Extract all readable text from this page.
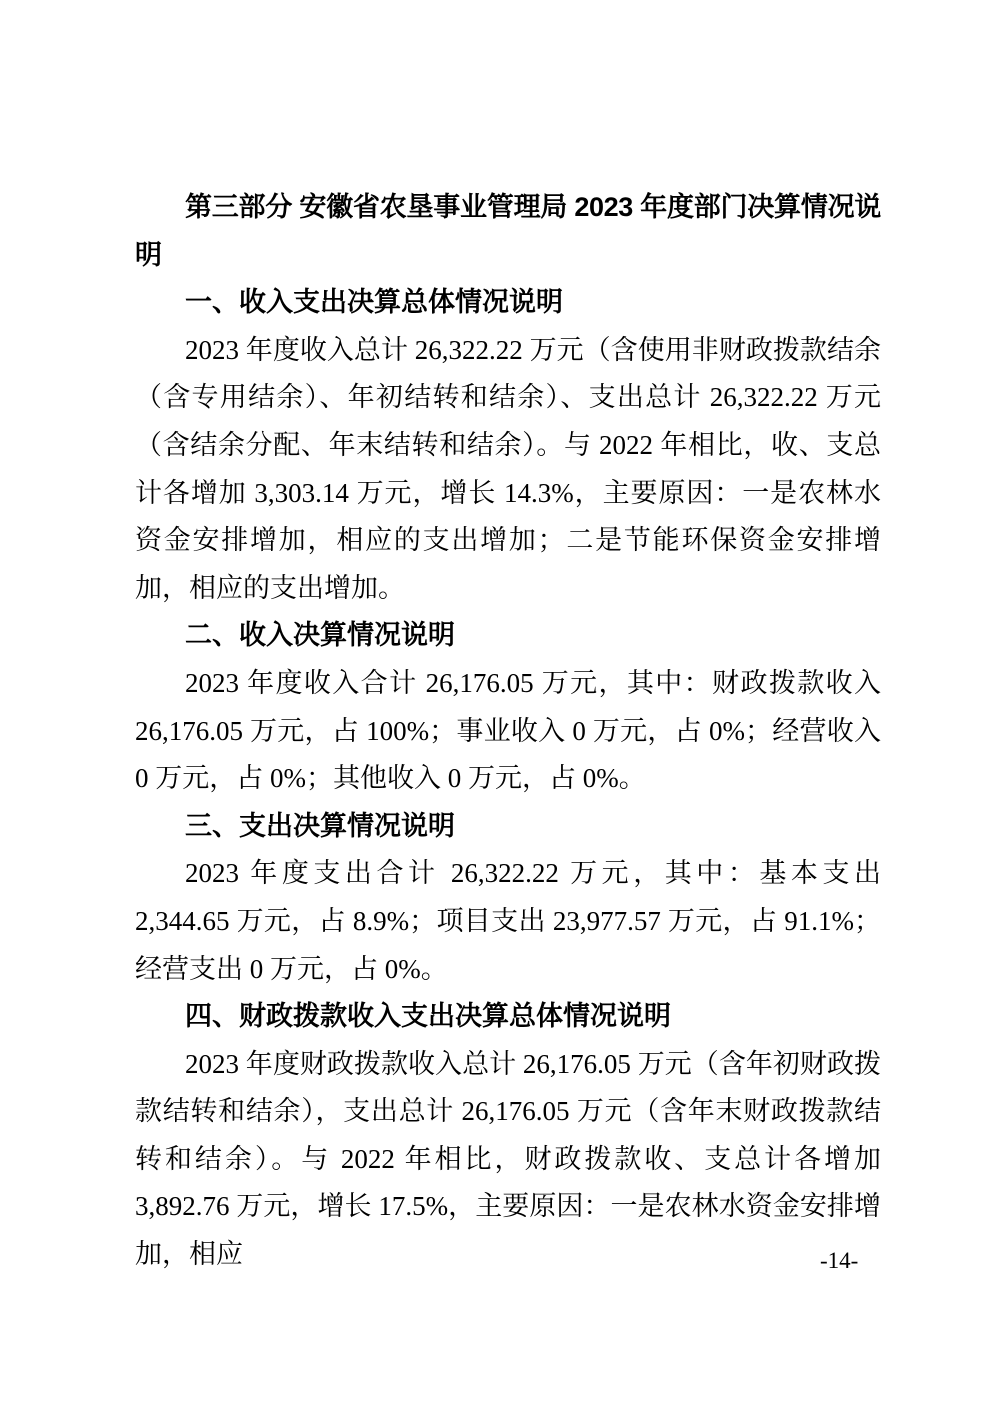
第三部分 安徽省农垦事业管理局 2023 年度部门决算情况说明

一、收入支出决算总体情况说明

2023 年度收入总计 26,322.22 万元（含使用非财政拨款结余（含专用结余）、年初结转和结余）、支出总计 26,322.22 万元（含结余分配、年末结转和结余）。与 2022 年相比，收、支总计各增加 3,303.14 万元，增长 14.3%，主要原因：一是农林水资金安排增加，相应的支出增加；二是节能环保资金安排增加，相应的支出增加。

二、收入决算情况说明

2023 年度收入合计 26,176.05 万元，其中：财政拨款收入 26,176.05 万元，占 100%；事业收入 0 万元，占 0%；经营收入 0 万元，占 0%；其他收入 0 万元，占 0%。

三、支出决算情况说明

2023 年度支出合计 26,322.22 万元，其中：基本支出 2,344.65 万元，占 8.9%；项目支出 23,977.57 万元，占 91.1%；经营支出 0 万元，占 0%。

四、财政拨款收入支出决算总体情况说明

2023 年度财政拨款收入总计 26,176.05 万元（含年初财政拨款结转和结余），支出总计 26,176.05 万元（含年末财政拨款结转和结余）。与 2022 年相比，财政拨款收、支总计各增加 3,892.76 万元，增长 17.5%，主要原因：一是农林水资金安排增加，相应	-14-
